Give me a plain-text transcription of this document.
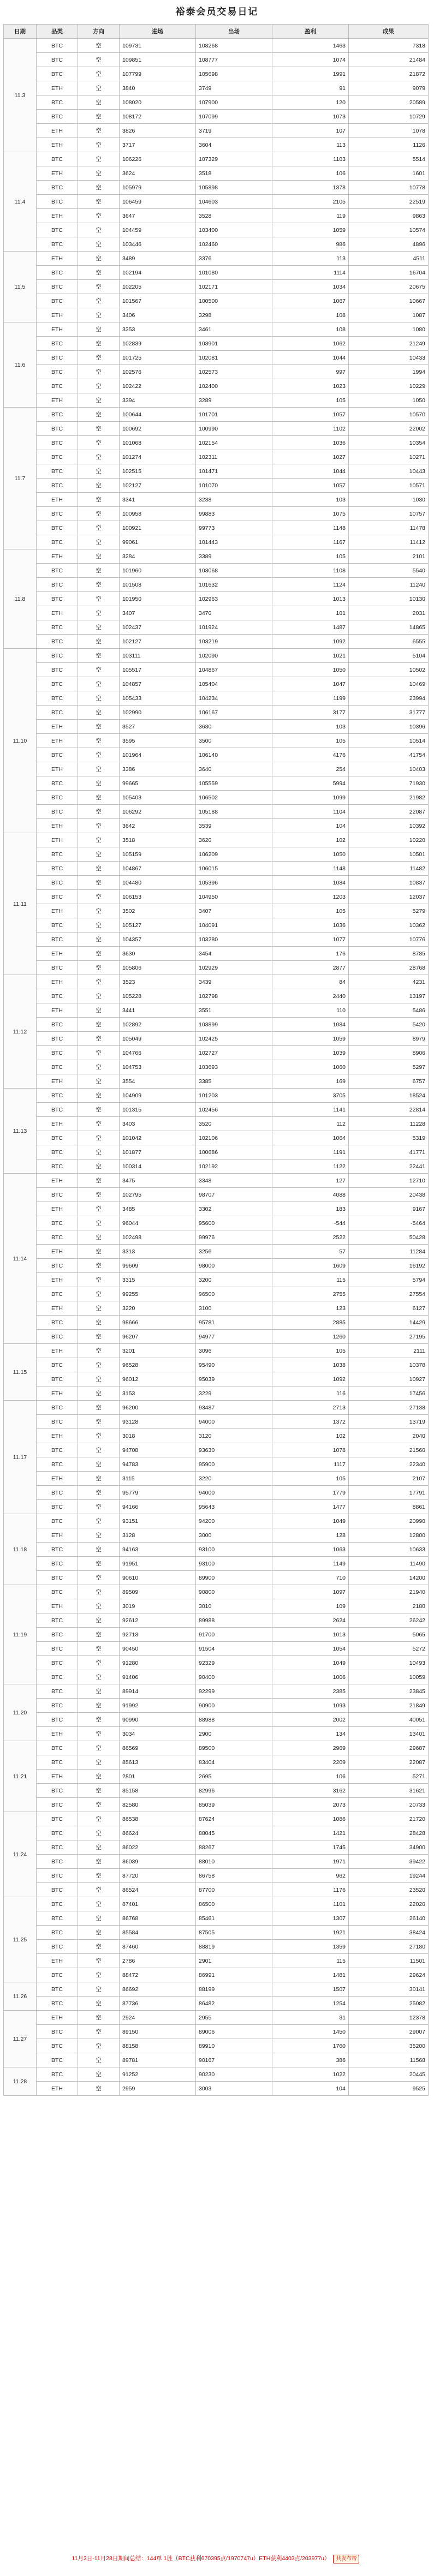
裕泰会员交易日记
日期	品类	方向	进场	出场	盈利	成果
11.3	BTC	空	109731	108268	1463	7318
	BTC	空	109851	108777	1074	21484
	BTC	空	107799	105698	1991	21872
	ETH	空	3840	3749	91	9079
	BTC	空	108020	107900	120	20589
	BTC	空	108172	107099	1073	10729
	ETH	空	3826	3719	107	1078
	ETH	空	3717	3604	113	1126
11.4	BTC	空	106226	107329	1103	5514
	ETH	空	3624	3518	106	1601
	BTC	空	105979	105898	1378	10778
	BTC	空	106459	104603	2105	22519
	ETH	空	3647	3528	119	9863
	BTC	空	104459	103400	1059	10574
	BTC	空	103446	102460	986	4896
11.5	ETH	空	3489	3376	113	4511
	BTC	空	102194	101080	1114	16704
	BTC	空	102205	102171	1034	20675
	BTC	空	101567	100500	1067	10667
	ETH	空	3406	3298	108	1087
11.6	ETH	空	3353	3461	108	1080
	BTC	空	102839	103901	1062	21249
	BTC	空	101725	102081	1044	10433
	BTC	空	102576	102573	997	1994
	BTC	空	102422	102400	1023	10229
	ETH	空	3394	3289	105	1050
11.7	BTC	空	100644	101701	1057	10570
	BTC	空	100692	100990	1102	22002
	BTC	空	101068	102154	1036	10354
	BTC	空	101274	102311	1027	10271
	BTC	空	102515	101471	1044	10443
	BTC	空	102127	101070	1057	10571
	ETH	空	3341	3238	103	1030
	BTC	空	100958	99883	1075	10757
	BTC	空	100921	99773	1148	11478
	BTC	空	99061	101443	1167	11412
11.8	ETH	空	3284	3389	105	2101
	BTC	空	101960	103068	1108	5540
	BTC	空	101508	101632	1124	11240
	BTC	空	101950	102963	1013	10130
	ETH	空	3407	3470	101	2031
	BTC	空	102437	101924	1487	14865
	BTC	空	102127	103219	1092	6555
11.10	BTC	空	103111	102090	1021	5104
	BTC	空	105517	104867	1050	10502
	BTC	空	104857	105404	1047	10469
	BTC	空	105433	104234	1199	23994
	BTC	空	102990	106167	3177	31777
	ETH	空	3527	3630	103	10396
	ETH	空	3595	3500	105	10514
	BTC	空	101964	106140	4176	41754
	ETH	空	3386	3640	254	10403
	BTC	空	99665	105559	5994	71930
	BTC	空	105403	106502	1099	21982
	BTC	空	106292	105188	1104	22087
	ETH	空	3642	3539	104	10392
11.11	ETH	空	3518	3620	102	10220
	BTC	空	105159	106209	1050	10501
	BTC	空	104867	106015	1148	11482
	BTC	空	104480	105396	1084	10837
	BTC	空	106153	104950	1203	12037
	ETH	空	3502	3407	105	5279
	BTC	空	105127	104091	1036	10362
	BTC	空	104357	103280	1077	10776
	ETH	空	3630	3454	176	8785
	BTC	空	105806	102929	2877	28768
11.12	ETH	空	3523	3439	84	4231
	BTC	空	105228	102798	2440	13197
	ETH	空	3441	3551	110	5486
	BTC	空	102892	103899	1084	5420
	BTC	空	105049	102425	1059	8979
	BTC	空	104766	102727	1039	8906
	BTC	空	104753	103693	1060	5297
	ETH	空	3554	3385	169	6757
11.13	BTC	空	104909	101203	3705	18524
	BTC	空	101315	102456	1141	22814
	ETH	空	3403	3520	112	11228
	BTC	空	101042	102106	1064	5319
	BTC	空	101877	100686	1191	41771
	BTC	空	100314	102192	1122	22441
11.14	ETH	空	3475	3348	127	12710
	BTC	空	102795	98707	4088	20438
	ETH	空	3485	3302	183	9167
	BTC	空	96044	95600	-544	-5464
	BTC	空	102498	99976	2522	50428
	ETH	空	3313	3256	57	11284
	BTC	空	99609	98000	1609	16192
	ETH	空	3315	3200	115	5794
	BTC	空	99255	96500	2755	27554
	ETH	空	3220	3100	123	6127
	BTC	空	98666	95781	2885	14429
	BTC	空	96207	94977	1260	27195
11.15	ETH	空	3201	3096	105	2111
	BTC	空	96528	95490	1038	10378
	BTC	空	96012	95039	1092	10927
	ETH	空	3153	3229	116	17456
11.17	BTC	空	96200	93487	2713	27138
	BTC	空	93128	94000	1372	13719
	ETH	空	3018	3120	102	2040
	BTC	空	94708	93630	1078	21560
	BTC	空	94783	95900	1117	22340
	ETH	空	3115	3220	105	2107
	BTC	空	95779	94000	1779	17791
	BTC	空	94166	95643	1477	8861
11.18	BTC	空	93151	94200	1049	20990
	ETH	空	3128	3000	128	12800
	BTC	空	94163	93100	1063	10633
	BTC	空	91951	93100	1149	11490
	BTC	空	90610	89900	710	14200
11.19	BTC	空	89509	90800	1097	21940
	ETH	空	3019	3010	109	2180
	BTC	空	92612	89988	2624	26242
	BTC	空	92713	91700	1013	5065
	BTC	空	90450	91504	1054	5272
	BTC	空	91280	92329	1049	10493
	BTC	空	91406	90400	1006	10059
11.20	BTC	空	89914	92299	2385	23845
	BTC	空	91992	90900	1093	21849
	BTC	空	90990	88988	2002	40051
	ETH	空	3034	2900	134	13401
11.21	BTC	空	86569	89500	2969	29687
	BTC	空	85613	83404	2209	22087
	ETH	空	2801	2695	106	5271
	BTC	空	85158	82996	3162	31621
	BTC	空	82580	85039	2073	20733
11.24	BTC	空	86538	87624	1086	21720
	BTC	空	86624	88045	1421	28428
	BTC	空	86022	88267	1745	34900
	BTC	空	86039	88010	1971	39422
	BTC	空	87720	86758	962	19244
	BTC	空	86524	87700	1176	23520
11.25	BTC	空	87401	86500	1101	22020
	BTC	空	86768	85461	1307	26140
	BTC	空	85584	87505	1921	38424
	BTC	空	87460	88819	1359	27180
	ETH	空	2786	2901	115	11501
	BTC	空	88472	86991	1481	29624
11.26	BTC	空	86692	88199	1507	30141
	BTC	空	87736	86482	1254	25082
11.27	ETH	空	2924	2955	31	12378
	BTC	空	89150	89006	1450	29007
	BTC	空	88158	89910	1760	35200
	BTC	空	89781	90167	386	11568
11.28	BTC	空	91252	90230	1022	20445
	ETH	空	2959	3003	104	9525
11月3日-11月28日期间总结：144单 1胜（BTC获利670395点/1970747u）ETH获利4403点/203977u） 共发布帮
